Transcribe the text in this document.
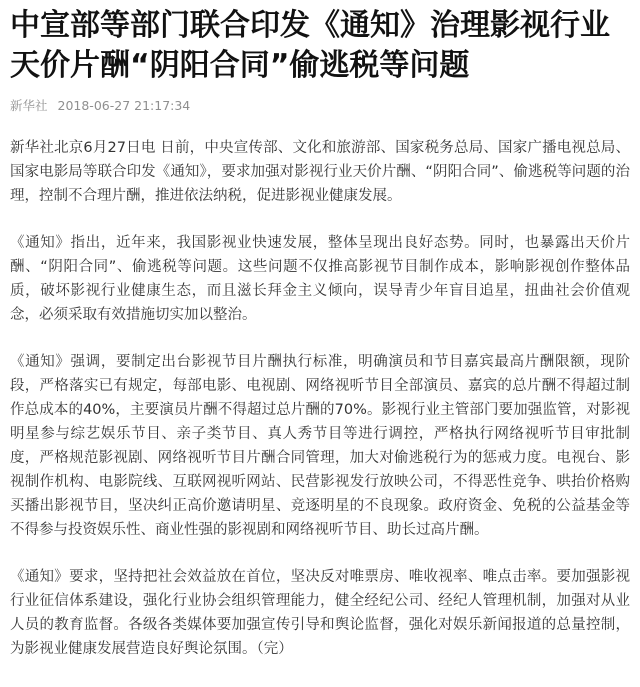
中宣部等部门联合印发《通知》治理影视行业天价片酬“阴阳合同”偷逃税等问题
新华社 2018-06-27 21:17:34

新华社北京6月27日电 日前，中央宣传部、文化和旅游部、国家税务总局、国家广播电视总局、国家电影局等联合印发《通知》，要求加强对影视行业天价片酬、“阴阳合同”、偷逃税等问题的治理，控制不合理片酬，推进依法纳税，促进影视业健康发展。

《通知》指出，近年来，我国影视业快速发展，整体呈现出良好态势。同时，也暴露出天价片酬、“阴阳合同”、偷逃税等问题。这些问题不仅推高影视节目制作成本，影响影视创作整体品质，破坏影视行业健康生态，而且滋长拜金主义倾向，误导青少年盲目追星，扭曲社会价值观念，必须采取有效措施切实加以整治。

《通知》强调，要制定出台影视节目片酬执行标准，明确演员和节目嘉宾最高片酬限额，现阶段，严格落实已有规定，每部电影、电视剧、网络视听节目全部演员、嘉宾的总片酬不得超过制作总成本的40%，主要演员片酬不得超过总片酬的70%。影视行业主管部门要加强监管，对影视明星参与综艺娱乐节目、亲子类节目、真人秀节目等进行调控，严格执行网络视听节目审批制度，严格规范影视剧、网络视听节目片酬合同管理，加大对偷逃税行为的惩戒力度。电视台、影视制作机构、电影院线、互联网视听网站、民营影视发行放映公司，不得恶性竞争、哄抬价格购买播出影视节目，坚决纠正高价邀请明星、竞逐明星的不良现象。政府资金、免税的公益基金等不得参与投资娱乐性、商业性强的影视剧和网络视听节目、助长过高片酬。

《通知》要求，坚持把社会效益放在首位，坚决反对唯票房、唯收视率、唯点击率。要加强影视行业征信体系建设，强化行业协会组织管理能力，健全经纪公司、经纪人管理机制，加强对从业人员的教育监督。各级各类媒体要加强宣传引导和舆论监督，强化对娱乐新闻报道的总量控制，为影视业健康发展营造良好舆论氛围。（完）
